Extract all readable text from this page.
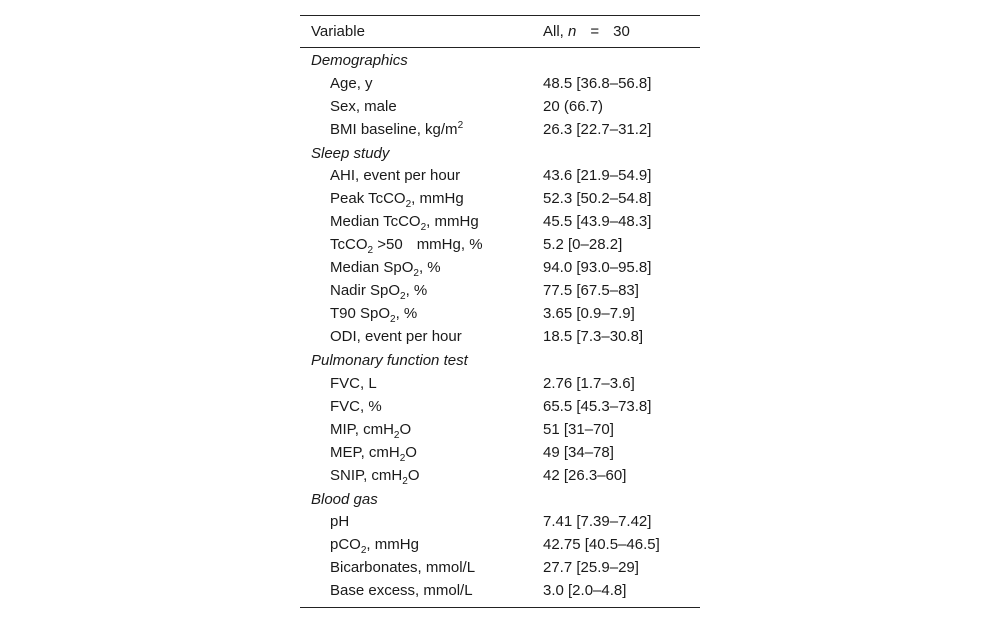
Variable	All, n = 30
Demographics
Age, y	48.5 [36.8–56.8]
Sex, male	20 (66.7)
BMI baseline, $kg/m^2$	26.3 [22.7–31.2]
Sleep study
AHI, event per hour	43.6 [21.9–54.9]
Peak TcCO$_2$, mmHg	52.3 [50.2–54.8]
Median TcCO$_2$, mmHg	45.5 [43.9–48.3]
TcCO$_2$ >50 mmHg, %	5.2 [0–28.2]
Median SpO$_2$, %	94.0 [93.0–95.8]
Nadir SpO$_2$, %	77.5 [67.5–83]
T90 SpO$_2$, %	3.65 [0.9–7.9]
ODI, event per hour	18.5 [7.3–30.8]
Pulmonary function test
FVC, L	2.76 [1.7–3.6]
FVC, %	65.5 [45.3–73.8]
MIP, cmH$_2$O	51 [31–70]
MEP, cmH$_2$O	49 [34–78]
SNIP, cmH$_2$O	42 [26.3–60]
Blood gas
pH	7.41 [7.39–7.42]
pCO$_2$, mmHg	42.75 [40.5–46.5]
Bicarbonates, mmol/L	27.7 [25.9–29]
Base excess, mmol/L	3.0 [2.0–4.8]
